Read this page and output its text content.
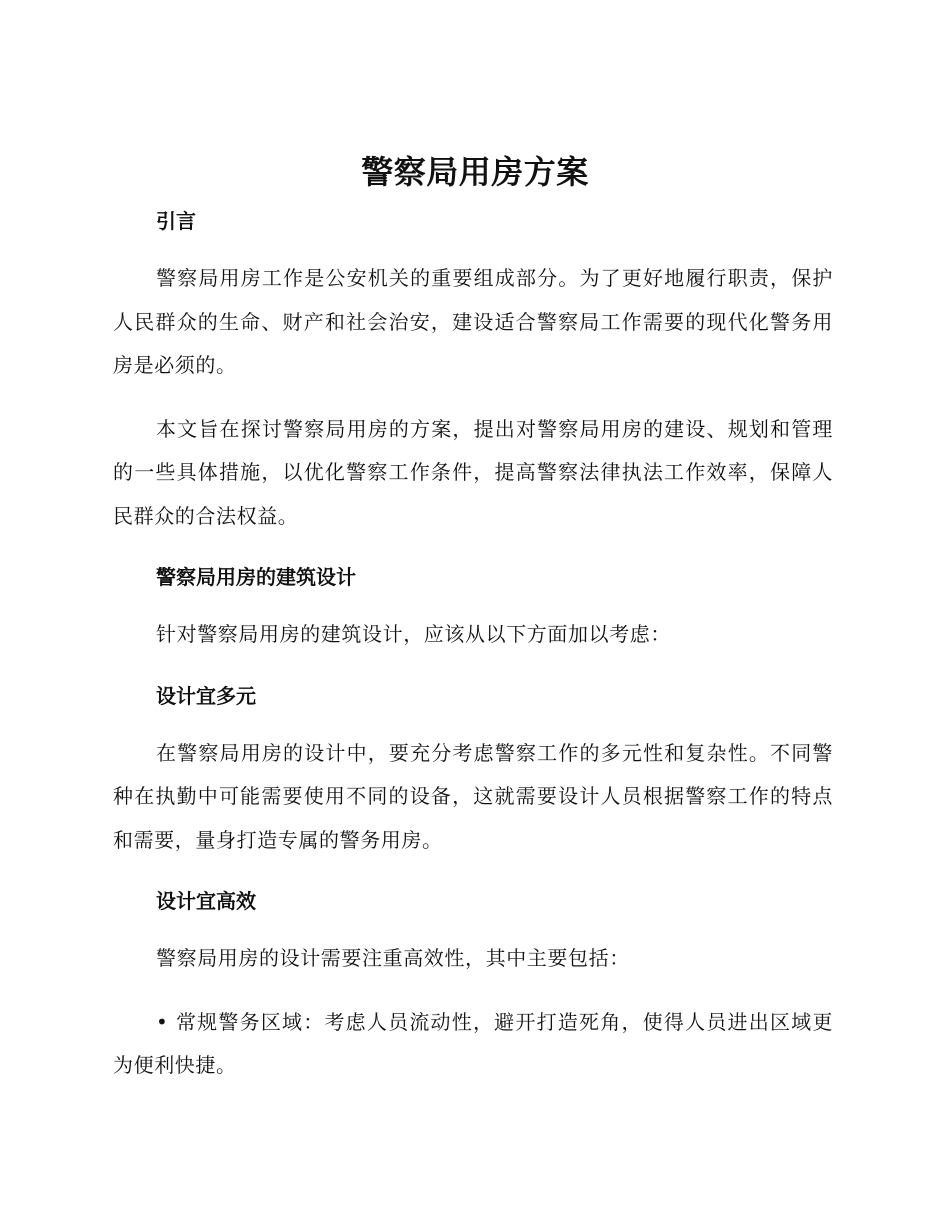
警察局用房方案
引言

警察局用房工作是公安机关的重要组成部分。为了更好地履行职责，保护人民群众的生命、财产和社会治安，建设适合警察局工作需要的现代化警务用房是必须的。

本文旨在探讨警察局用房的方案，提出对警察局用房的建设、规划和管理的一些具体措施，以优化警察工作条件，提高警察法律执法工作效率，保障人民群众的合法权益。

警察局用房的建筑设计

针对警察局用房的建筑设计，应该从以下方面加以考虑：

设计宜多元

在警察局用房的设计中，要充分考虑警察工作的多元性和复杂性。不同警种在执勤中可能需要使用不同的设备，这就需要设计人员根据警察工作的特点和需要，量身打造专属的警务用房。

设计宜高效

警察局用房的设计需要注重高效性，其中主要包括：

• 常规警务区域：考虑人员流动性，避开打造死角，使得人员进出区域更为便利快捷。
